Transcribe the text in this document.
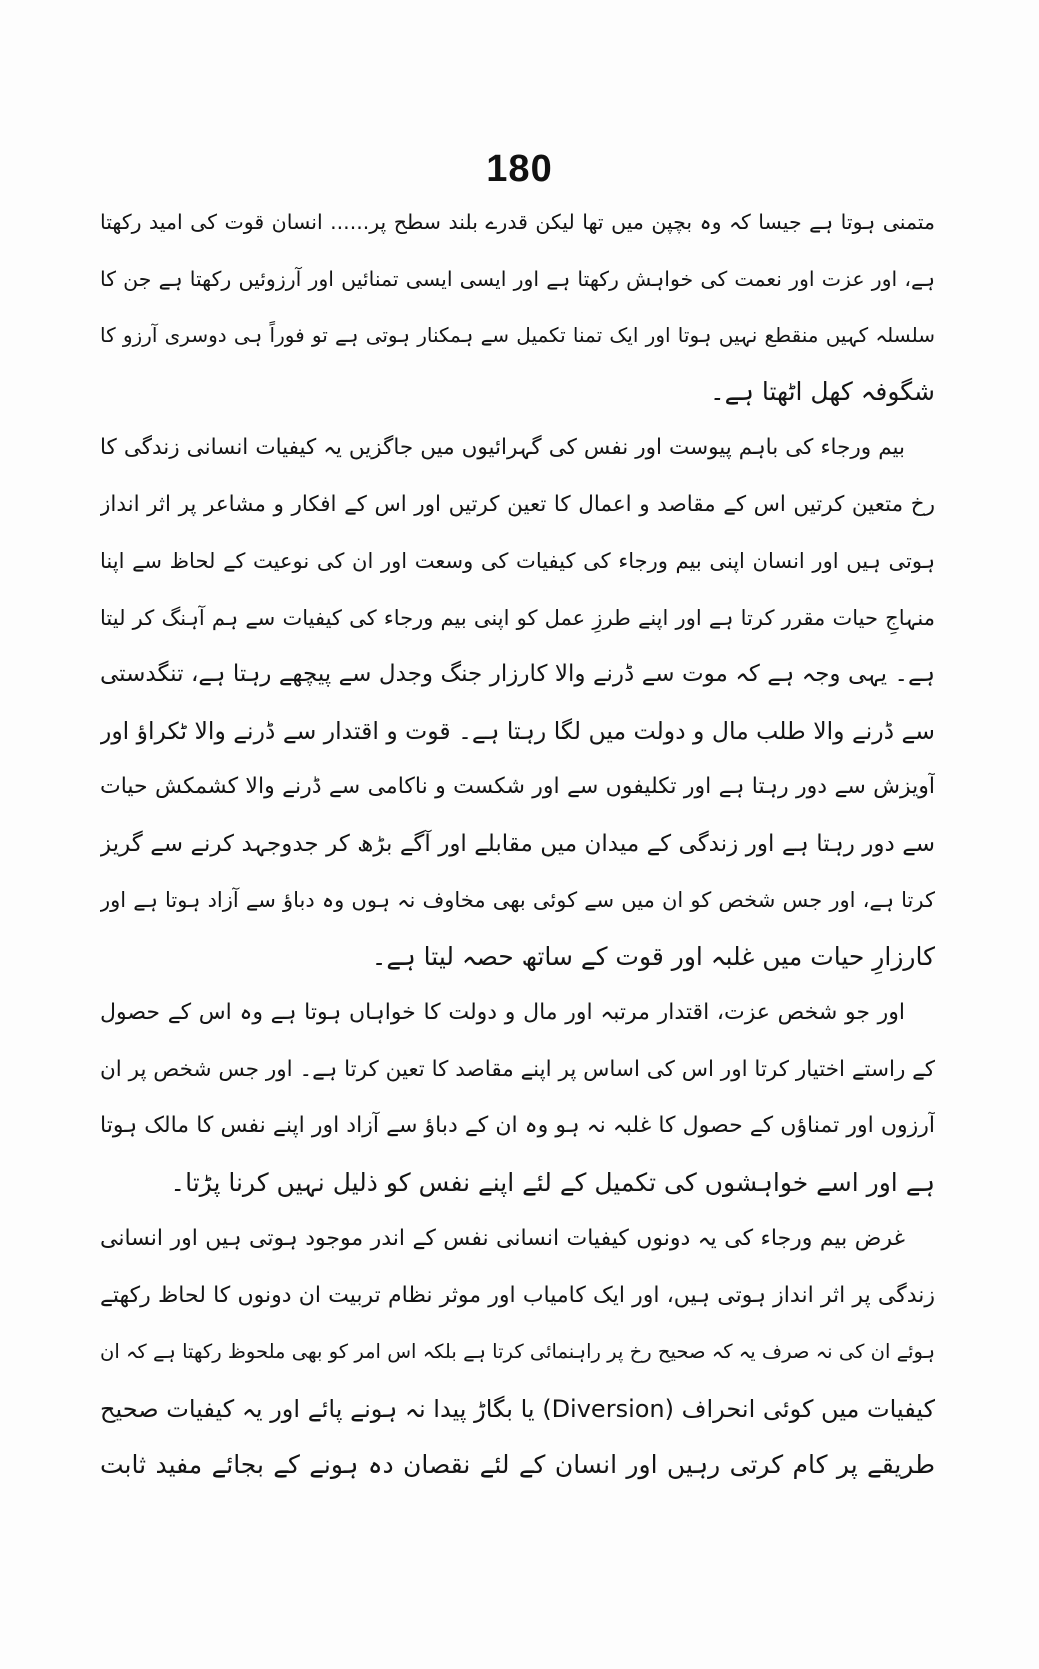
180
متمنی ہوتا ہے جیسا کہ وہ بچپن میں تھا لیکن قدرے بلند سطح پر...... انسان قوت کی امید رکھتا
ہے، اور عزت اور نعمت کی خواہش رکھتا ہے اور ایسی ایسی تمنائیں اور آرزوئیں رکھتا ہے جن کا
سلسلہ کہیں منقطع نہیں ہوتا اور ایک تمنا تکمیل سے ہمکنار ہوتی ہے تو فوراً ہی دوسری آرزو کا
شگوفہ کھل اٹھتا ہے۔
بیم ورجاء کی باہم پیوست اور نفس کی گہرائیوں میں جاگزیں یہ کیفیات انسانی زندگی کا
رخ متعین کرتیں اس کے مقاصد و اعمال کا تعین کرتیں اور اس کے افکار و مشاعر پر اثر انداز
ہوتی ہیں اور انسان اپنی بیم ورجاء کی کیفیات کی وسعت اور ان کی نوعیت کے لحاظ سے اپنا
منہاجِ حیات مقرر کرتا ہے اور اپنے طرزِ عمل کو اپنی بیم ورجاء کی کیفیات سے ہم آہنگ کر لیتا
ہے۔ یہی وجہ ہے کہ موت سے ڈرنے والا کارزار جنگ وجدل سے پیچھے رہتا ہے، تنگدستی
سے ڈرنے والا طلب مال و دولت میں لگا رہتا ہے۔ قوت و اقتدار سے ڈرنے والا ٹکراؤ اور
آویزش سے دور رہتا ہے اور تکلیفوں سے اور شکست و ناکامی سے ڈرنے والا کشمکش حیات
سے دور رہتا ہے اور زندگی کے میدان میں مقابلے اور آگے بڑھ کر جدوجہد کرنے سے گریز
کرتا ہے، اور جس شخص کو ان میں سے کوئی بھی مخاوف نہ ہوں وہ دباؤ سے آزاد ہوتا ہے اور
کارزارِ حیات میں غلبہ اور قوت کے ساتھ حصہ لیتا ہے۔
اور جو شخص عزت، اقتدار مرتبہ اور مال و دولت کا خواہاں ہوتا ہے وہ اس کے حصول
کے راستے اختیار کرتا اور اس کی اساس پر اپنے مقاصد کا تعین کرتا ہے۔ اور جس شخص پر ان
آرزوں اور تمناؤں کے حصول کا غلبہ نہ ہو وہ ان کے دباؤ سے آزاد اور اپنے نفس کا مالک ہوتا
ہے اور اسے خواہشوں کی تکمیل کے لئے اپنے نفس کو ذلیل نہیں کرنا پڑتا۔
غرض بیم ورجاء کی یہ دونوں کیفیات انسانی نفس کے اندر موجود ہوتی ہیں اور انسانی
زندگی پر اثر انداز ہوتی ہیں، اور ایک کامیاب اور موثر نظام تربیت ان دونوں کا لحاظ رکھتے
ہوئے ان کی نہ صرف یہ کہ صحیح رخ پر راہنمائی کرتا ہے بلکہ اس امر کو بھی ملحوظ رکھتا ہے کہ ان
کیفیات میں کوئی انحراف (Diversion) یا بگاڑ پیدا نہ ہونے پائے اور یہ کیفیات صحیح
طریقے پر کام کرتی رہیں اور انسان کے لئے نقصان دہ ہونے کے بجائے مفید ثابت
